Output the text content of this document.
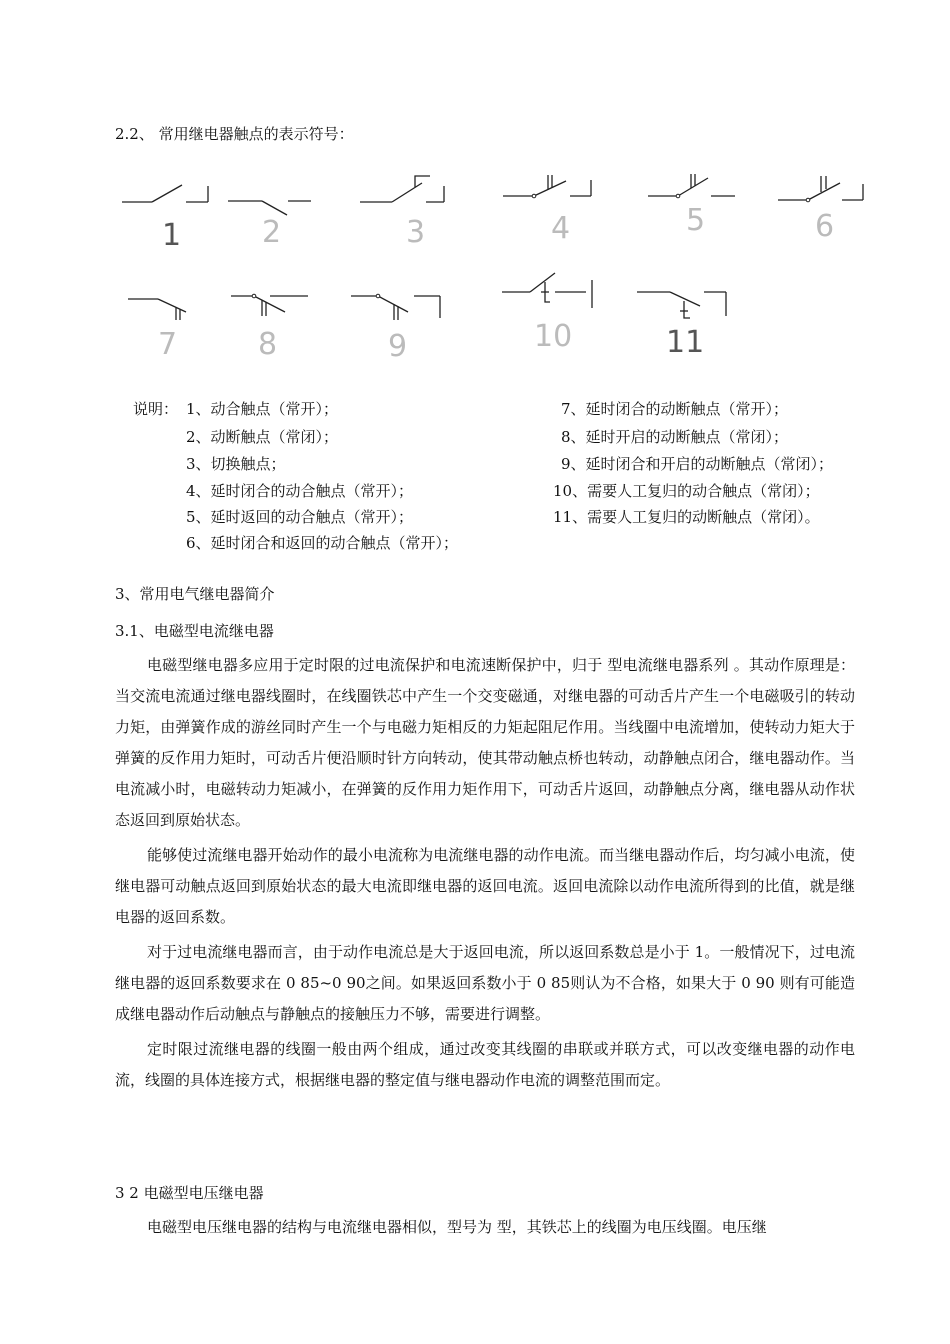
2.2、 常用继电器触点的表示符号：
1	2	3	4	5	6
7	8	9	10	11
说明： 1、动合触点（常开）；
2、动断触点（常闭）；
3、切换触点；
4、延时闭合的动合触点（常开）；
5、延时返回的动合触点（常开）；
6、延时闭合和返回的动合触点（常开）；
7、延时闭合的动断触点（常开）；
8、延时开启的动断触点（常闭）；
9、延时闭合和开启的动断触点（常闭）；
10、需要人工复归的动合触点（常闭）；
11、需要人工复归的动断触点（常闭）。
3、常用电气继电器简介
3.1、电磁型电流继电器

电磁型继电器多应用于定时限的过电流保护和电流速断保护中，归于 型电流继电器系列 。其动作原理是：当交流电流通过继电器线圈时，在线圈铁芯中产生一个交变磁通，对继电器的可动舌片产生一个电磁吸引的转动力矩，由弹簧作成的游丝同时产生一个与电磁力矩相反的力矩起阻尼作用。当线圈中电流增加，使转动力矩大于弹簧的反作用力矩时，可动舌片便沿顺时针方向转动，使其带动触点桥也转动，动静触点闭合，继电器动作。当电流减小时，电磁转动力矩减小，在弹簧的反作用力矩作用下，可动舌片返回，动静触点分离，继电器从动作状态返回到原始状态。

能够使过流继电器开始动作的最小电流称为电流继电器的动作电流。而当继电器动作后，均匀减小电流，使继电器可动触点返回到原始状态的最大电流即继电器的返回电流。返回电流除以动作电流所得到的比值，就是继电器的返回系数。

对于过电流继电器而言，由于动作电流总是大于返回电流，所以返回系数总是小于 1。一般情况下，过电流继电器的返回系数要求在 0 85~0 90之间。如果返回系数小于 0 85则认为不合格，如果大于 0 90 则有可能造成继电器动作后动触点与静触点的接触压力不够，需要进行调整。

定时限过流继电器的线圈一般由两个组成，通过改变其线圈的串联或并联方式，可以改变继电器的动作电流，线圈的具体连接方式，根据继电器的整定值与继电器动作电流的调整范围而定。

3 2 电磁型电压继电器

电磁型电压继电器的结构与电流继电器相似，型号为 型，其铁芯上的线圈为电压线圈。电压继
